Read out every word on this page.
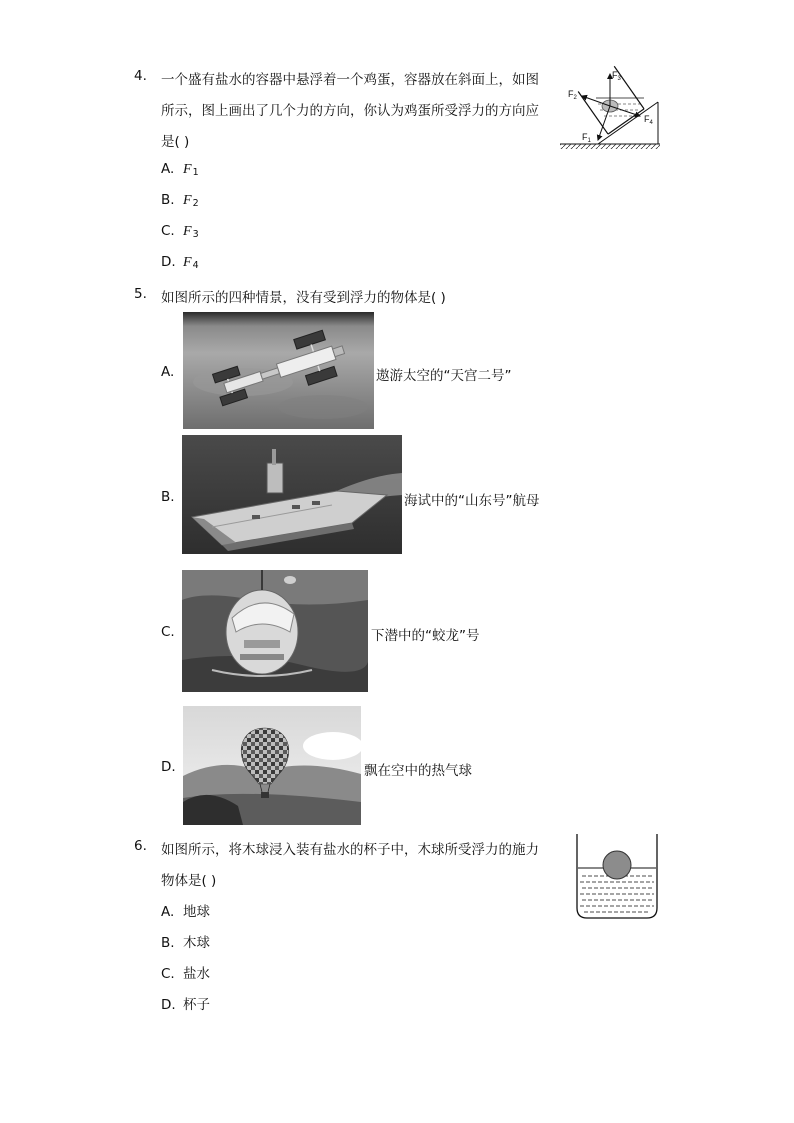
4. 一个盛有盐水的容器中悬浮着一个鸡蛋，容器放在斜面上，如图
所示，图上画出了几个力的方向，你认为鸡蛋所受浮力的方向应
是( )
A. F1
B. F2
C. F3
D. F4
$F_3$
$F_2$
$F_1$
$F_4$
5. 如图所示的四种情景，没有受到浮力的物体是( )
A.	遨游太空的“天宫二号”
B.	海试中的“山东号”航母
C.	下潜中的“蛟龙”号
D.	飘在空中的热气球
6. 如图所示，将木球浸入装有盐水的杯子中，木球所受浮力的施力
物体是( )
A. 地球
B. 木球
C. 盐水
D. 杯子
